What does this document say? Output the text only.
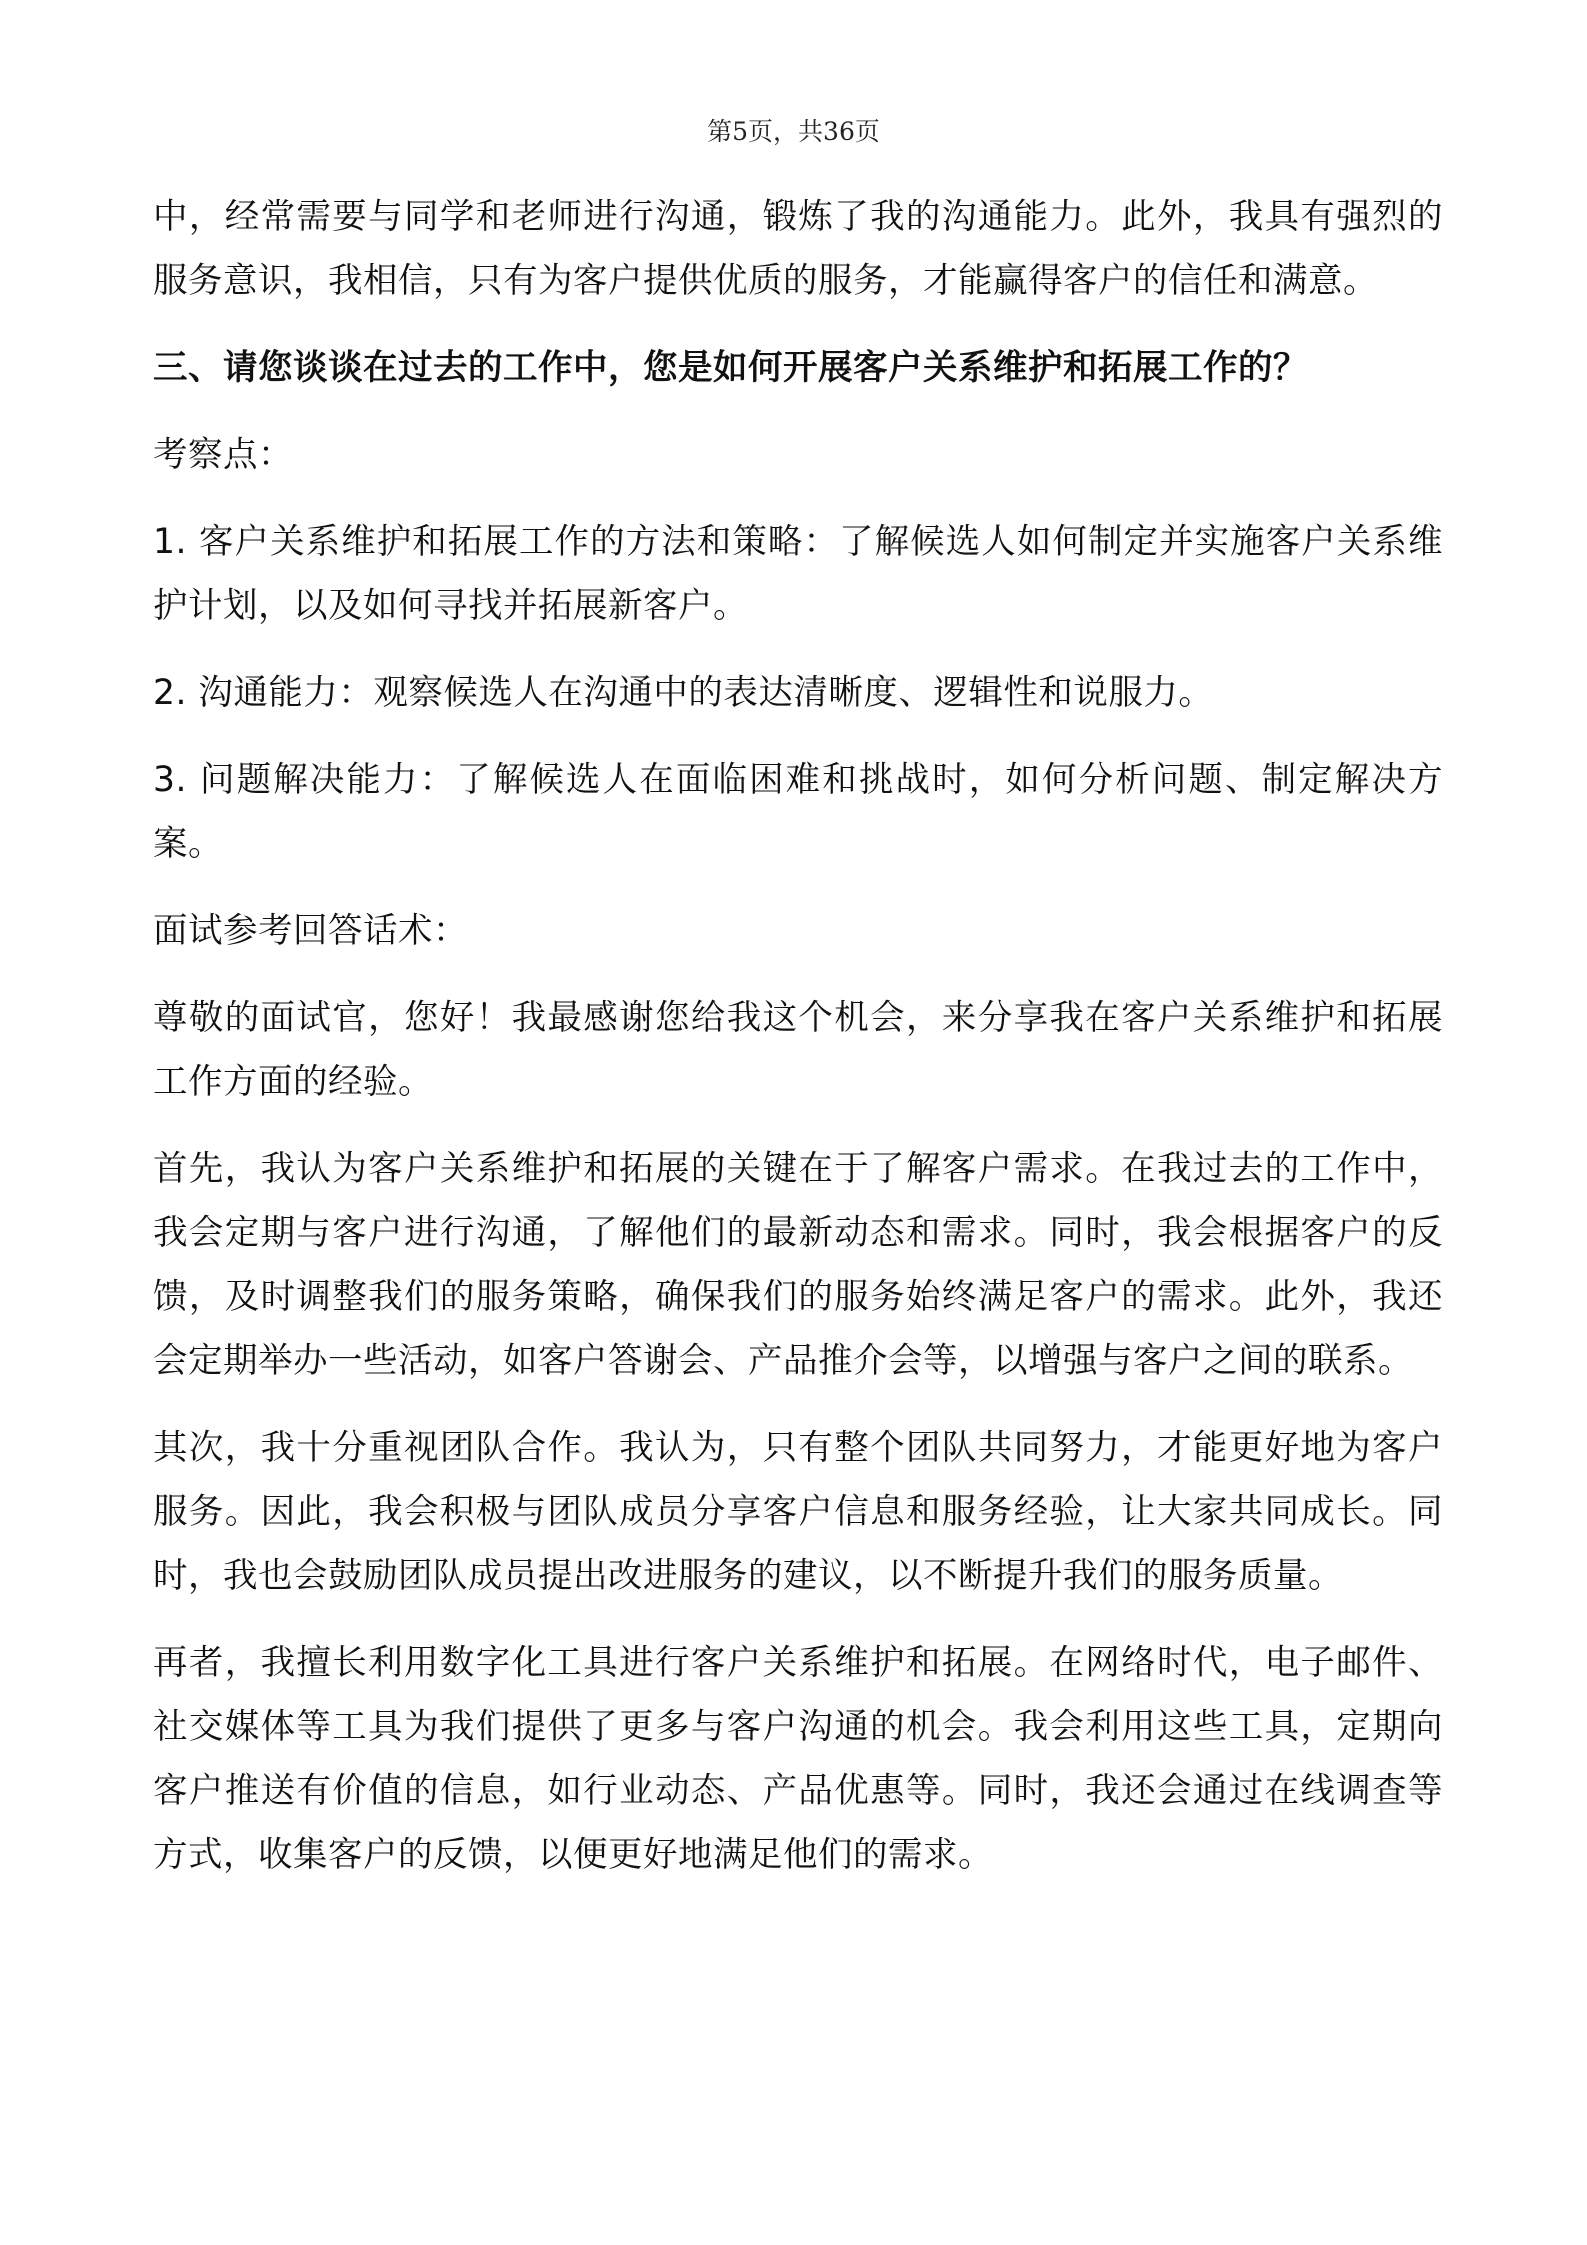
第5页，共36页

中，经常需要与同学和老师进行沟通，锻炼了我的沟通能力。此外，我具有强烈的服务意识，我相信，只有为客户提供优质的服务，才能赢得客户的信任和满意。

三、请您谈谈在过去的工作中，您是如何开展客户关系维护和拓展工作的？

考察点：

1. 客户关系维护和拓展工作的方法和策略：了解候选人如何制定并实施客户关系维护计划，以及如何寻找并拓展新客户。

2. 沟通能力：观察候选人在沟通中的表达清晰度、逻辑性和说服力。

3. 问题解决能力：了解候选人在面临困难和挑战时，如何分析问题、制定解决方案。

面试参考回答话术：

尊敬的面试官，您好！我最感谢您给我这个机会，来分享我在客户关系维护和拓展工作方面的经验。

首先，我认为客户关系维护和拓展的关键在于了解客户需求。在我过去的工作中，我会定期与客户进行沟通，了解他们的最新动态和需求。同时，我会根据客户的反馈，及时调整我们的服务策略，确保我们的服务始终满足客户的需求。此外，我还会定期举办一些活动，如客户答谢会、产品推介会等，以增强与客户之间的联系。

其次，我十分重视团队合作。我认为，只有整个团队共同努力，才能更好地为客户服务。因此，我会积极与团队成员分享客户信息和服务经验，让大家共同成长。同时，我也会鼓励团队成员提出改进服务的建议，以不断提升我们的服务质量。

再者，我擅长利用数字化工具进行客户关系维护和拓展。在网络时代，电子邮件、社交媒体等工具为我们提供了更多与客户沟通的机会。我会利用这些工具，定期向客户推送有价值的信息，如行业动态、产品优惠等。同时，我还会通过在线调查等方式，收集客户的反馈，以便更好地满足他们的需求。
